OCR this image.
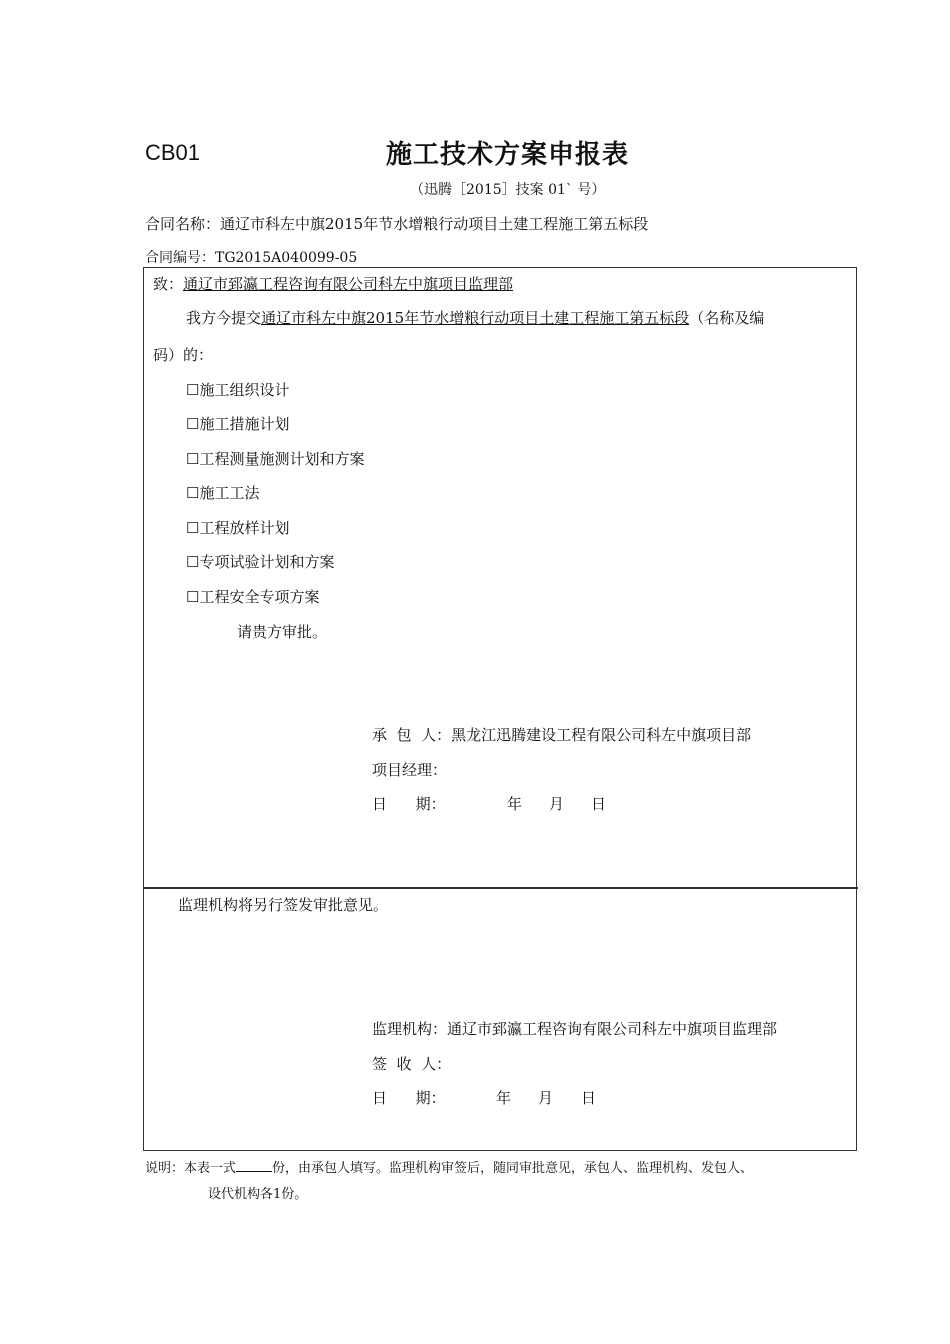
CB01	施工技术方案申报表
（迅腾［2015］技案 01` 号）
合同名称：通辽市科左中旗2015年节水增粮行动项目土建工程施工第五标段
合同编号：TG2015A040099-05
致：通辽市郅瀛工程咨询有限公司科左中旗项目监理部
我方今提交通辽市科左中旗2015年节水增粮行动项目土建工程施工第五标段（名称及编
码）的：
☐施工组织设计
☐施工措施计划
☐工程测量施测计划和方案
☐施工工法
☐工程放样计划
☐专项试验计划和方案
☐工程安全专项方案
请贵方审批。
承  包  人：黑龙江迅腾建设工程有限公司科左中旗项目部
项目经理：
日      期：	年 月 日
监理机构将另行签发审批意见。
监理机构：通辽市郅瀛工程咨询有限公司科左中旗项目监理部
签  收  人：
日      期：	年 月 日
说明：本表一式	份，由承包人填写。监理机构审签后，随同审批意见，承包人、监理机构、发包人、
设代机构各1份。
